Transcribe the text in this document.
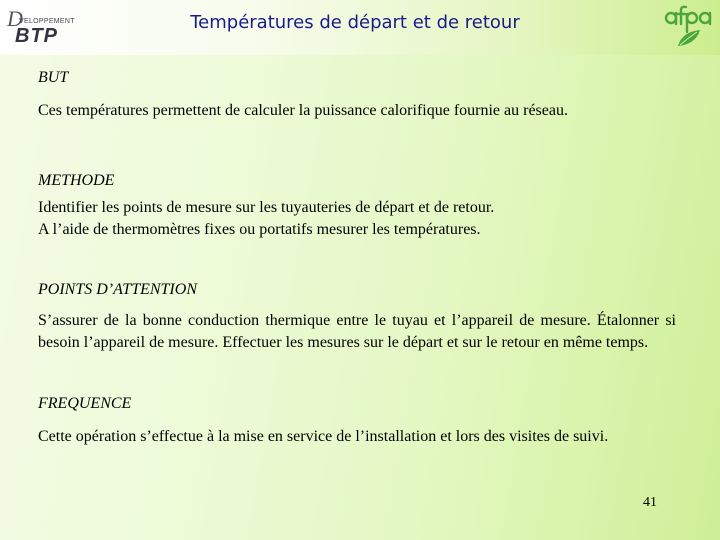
D
VELOPPEMENT
BTP
Températures de départ et de retour

BUT

Ces températures permettent de calculer la puissance calorifique fournie au réseau.

METHODE

Identifier les points de mesure sur les tuyauteries de départ et de retour.

A l’aide de thermomètres fixes ou portatifs mesurer les températures.

POINTS D’ATTENTION

S’assurer de la bonne conduction thermique entre le tuyau et l’appareil de mesure. Étalonner si besoin l’appareil de mesure. Effectuer les mesures sur le départ et sur le retour en même temps.

FREQUENCE

Cette opération s’effectue à la mise en service de l’installation et lors des visites de suivi.

41
